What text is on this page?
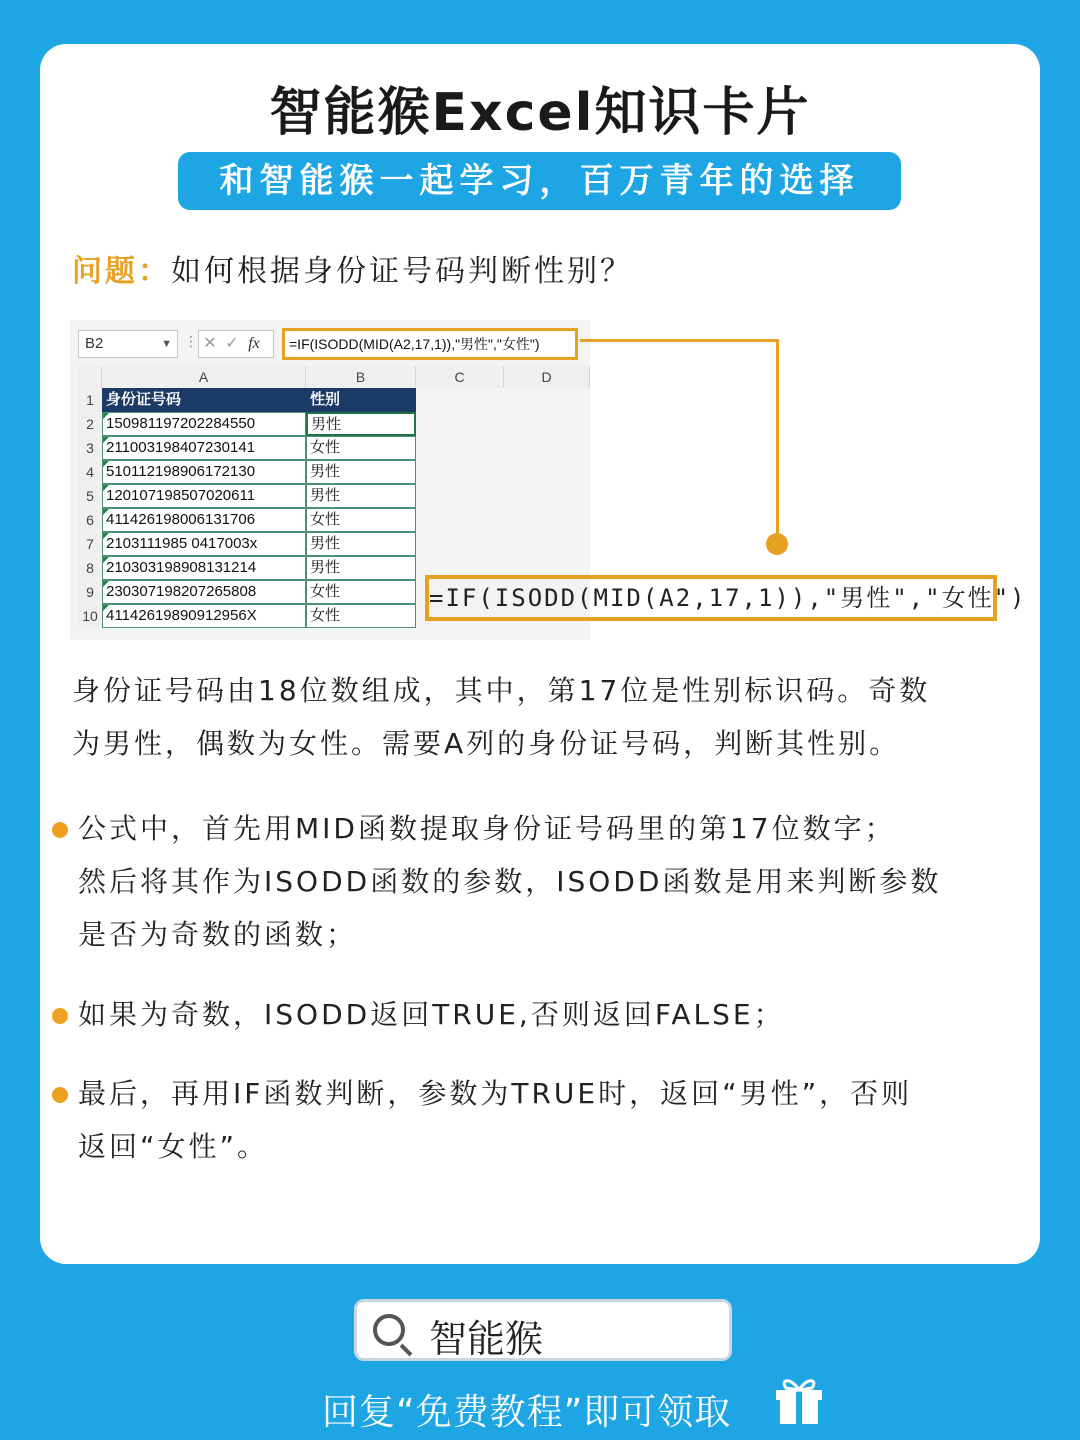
智能猴Excel知识卡片
和智能猴一起学习，百万青年的选择
问题：如何根据身份证号码判断性别？
B2	▼ ⋮ ✕ ✓ fx	=IF(ISODD(MID(A2,17,1)),"男性","女性")
A	B	C	D
1 身份证号码	性别
2 150981197202284550	男性
3 211003198407230141	女性
4 510112198906172130	男性
5 120107198507020611	男性
6 411426198006131706	女性
7 2103111985 0417003x	男性
8 210303198908131214	男性
9 230307198207265808	女性
10 41142619890912956X	女性
=IF(ISODD(MID(A2,17,1)),"男性","女性")
身份证号码由18位数组成，其中，第17位是性别标识码。奇数
为男性，偶数为女性。需要A列的身份证号码，判断其性别。
公式中，首先用MID函数提取身份证号码里的第17位数字；
然后将其作为ISODD函数的参数，ISODD函数是用来判断参数
是否为奇数的函数；
如果为奇数，ISODD返回TRUE,否则返回FALSE；
最后，再用IF函数判断，参数为TRUE时，返回“男性”，否则
返回“女性”。
智能猴
回复“免费教程”即可领取
